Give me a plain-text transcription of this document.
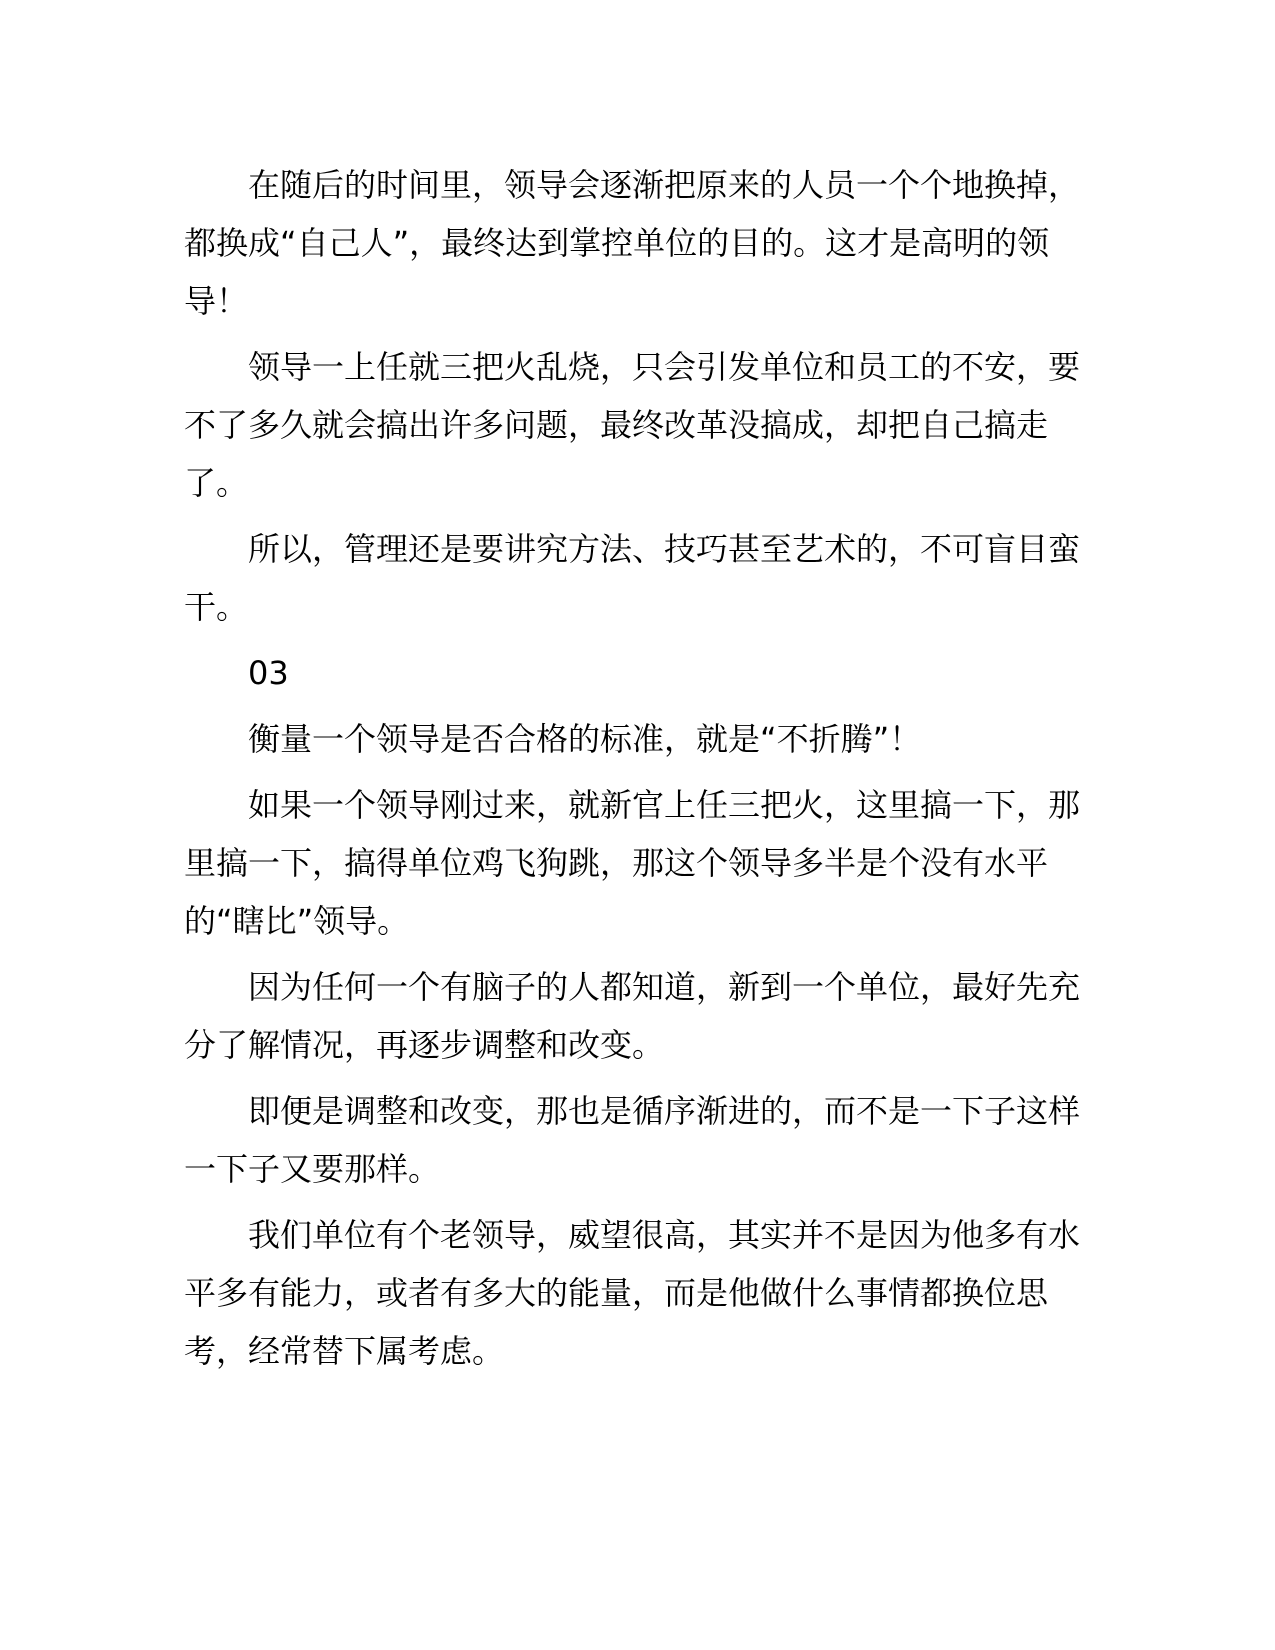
在随后的时间里，领导会逐渐把原来的人员一个个地换掉，都换成“自己人”，最终达到掌控单位的目的。这才是高明的领导！

领导一上任就三把火乱烧，只会引发单位和员工的不安，要不了多久就会搞出许多问题，最终改革没搞成，却把自己搞走了。

所以，管理还是要讲究方法、技巧甚至艺术的，不可盲目蛮干。

03

衡量一个领导是否合格的标准，就是“不折腾”！

如果一个领导刚过来，就新官上任三把火，这里搞一下，那里搞一下，搞得单位鸡飞狗跳，那这个领导多半是个没有水平的“瞎比”领导。

因为任何一个有脑子的人都知道，新到一个单位，最好先充分了解情况，再逐步调整和改变。

即便是调整和改变，那也是循序渐进的，而不是一下子这样一下子又要那样。

我们单位有个老领导，威望很高，其实并不是因为他多有水平多有能力，或者有多大的能量，而是他做什么事情都换位思考，经常替下属考虑。
